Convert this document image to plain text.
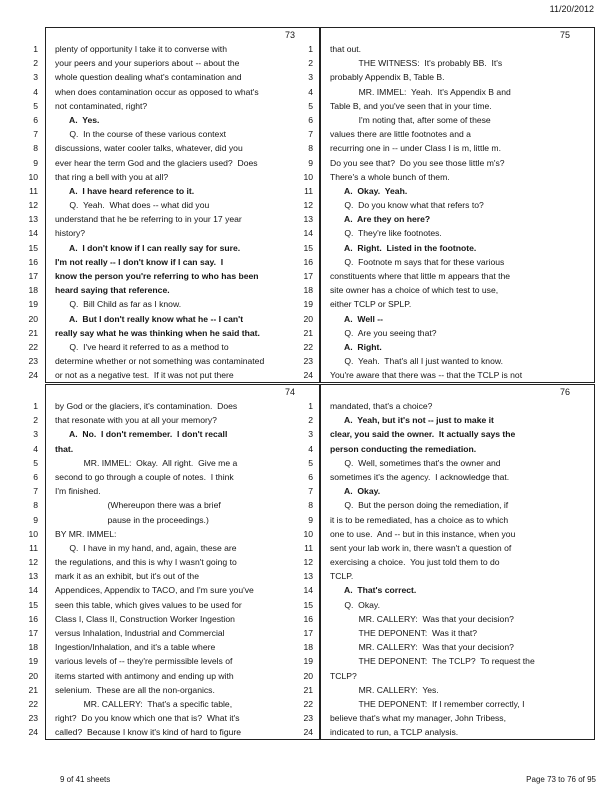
11/20/2012
73
1 plenty of opportunity I take it to converse with
2 your peers and your superiors about -- about the
3 whole question dealing what's contamination and
4 when does contamination occur as opposed to what's
5 not contaminated, right?
6 A.  Yes.
7 Q.  In the course of these various context
8 discussions, water cooler talks, whatever, did you
9 ever hear the term God and the glaciers used?  Does
10 that ring a bell with you at all?
11 A.  I have heard reference to it.
12 Q.  Yeah.  What does -- what did you
13 understand that he be referring to in your 17 year
14 history?
15 A.  I don't know if I can really say for sure.
16 I'm not really -- I don't know if I can say.  I
17 know the person you're referring to who has been
18 heard saying that reference.
19 Q.  Bill Child as far as I know.
20 A.  But I don't really know what he -- I can't
21 really say what he was thinking when he said that.
22 Q.  I've heard it referred to as a method to
23 determine whether or not something was contaminated
24 or not as a negative test.  If it was not put there
75
1 that out.
2 THE WITNESS:  It's probably BB.  It's
3 probably Appendix B, Table B.
4 MR. IMMEL:  Yeah.  It's Appendix B and
5 Table B, and you've seen that in your time.
6 I'm noting that, after some of these
7 values there are little footnotes and a
8 recurring one in -- under Class I is m, little m.
9 Do you see that?  Do you see those little m's?
10 There's a whole bunch of them.
11 A.  Okay.  Yeah.
12 Q.  Do you know what that refers to?
13 A.  Are they on here?
14 Q.  They're like footnotes.
15 A.  Right.  Listed in the footnote.
16 Q.  Footnote m says that for these various
17 constituents where that little m appears that the
18 site owner has a choice of which test to use,
19 either TCLP or SPLP.
20 A.  Well --
21 Q.  Are you seeing that?
22 A.  Right.
23 Q.  Yeah.  That's all I just wanted to know.
24 You're aware that there was -- that the TCLP is not
74
1 by God or the glaciers, it's contamination.  Does
2 that resonate with you at all your memory?
3 A.  No.  I don't remember.  I don't recall
4 that.
5 MR. IMMEL:  Okay.  All right.  Give me a
6 second to go through a couple of notes.  I think
7 I'm finished.
8 (Whereupon there was a brief
9 pause in the proceedings.)
10 BY MR. IMMEL:
11 Q.  I have in my hand, and, again, these are
12 the regulations, and this is why I wasn't going to
13 mark it as an exhibit, but it's out of the
14 Appendices, Appendix to TACO, and I'm sure you've
15 seen this table, which gives values to be used for
16 Class I, Class II, Construction Worker Ingestion
17 versus Inhalation, Industrial and Commercial
18 Ingestion/Inhalation, and it's a table where
19 various levels of -- they're permissible levels of
20 items started with antimony and ending up with
21 selenium.  These are all the non-organics.
22 MR. CALLERY:  That's a specific table,
23 right?  Do you know which one that is?  What it's
24 called?  Because I know it's kind of hard to figure
76
1 mandated, that's a choice?
2 A.  Yeah, but it's not -- just to make it
3 clear, you said the owner.  It actually says the
4 person conducting the remediation.
5 Q.  Well, sometimes that's the owner and
6 sometimes it's the agency.  I acknowledge that.
7 A.  Okay.
8 Q.  But the person doing the remediation, if
9 it is to be remediated, has a choice as to which
10 one to use.  And -- but in this instance, when you
11 sent your lab work in, there wasn't a question of
12 exercising a choice.  You just told them to do
13 TCLP.
14 A.  That's correct.
15 Q.  Okay.
16 MR. CALLERY:  Was that your decision?
17 THE DEPONENT:  Was it that?
18 MR. CALLERY:  Was that your decision?
19 THE DEPONENT:  The TCLP?  To request the
20 TCLP?
21 MR. CALLERY:  Yes.
22 THE DEPONENT:  If I remember correctly, I
23 believe that's what my manager, John Tribess,
24 indicated to run, a TCLP analysis.
9 of 41 sheets	Page 73 to 76 of 95
